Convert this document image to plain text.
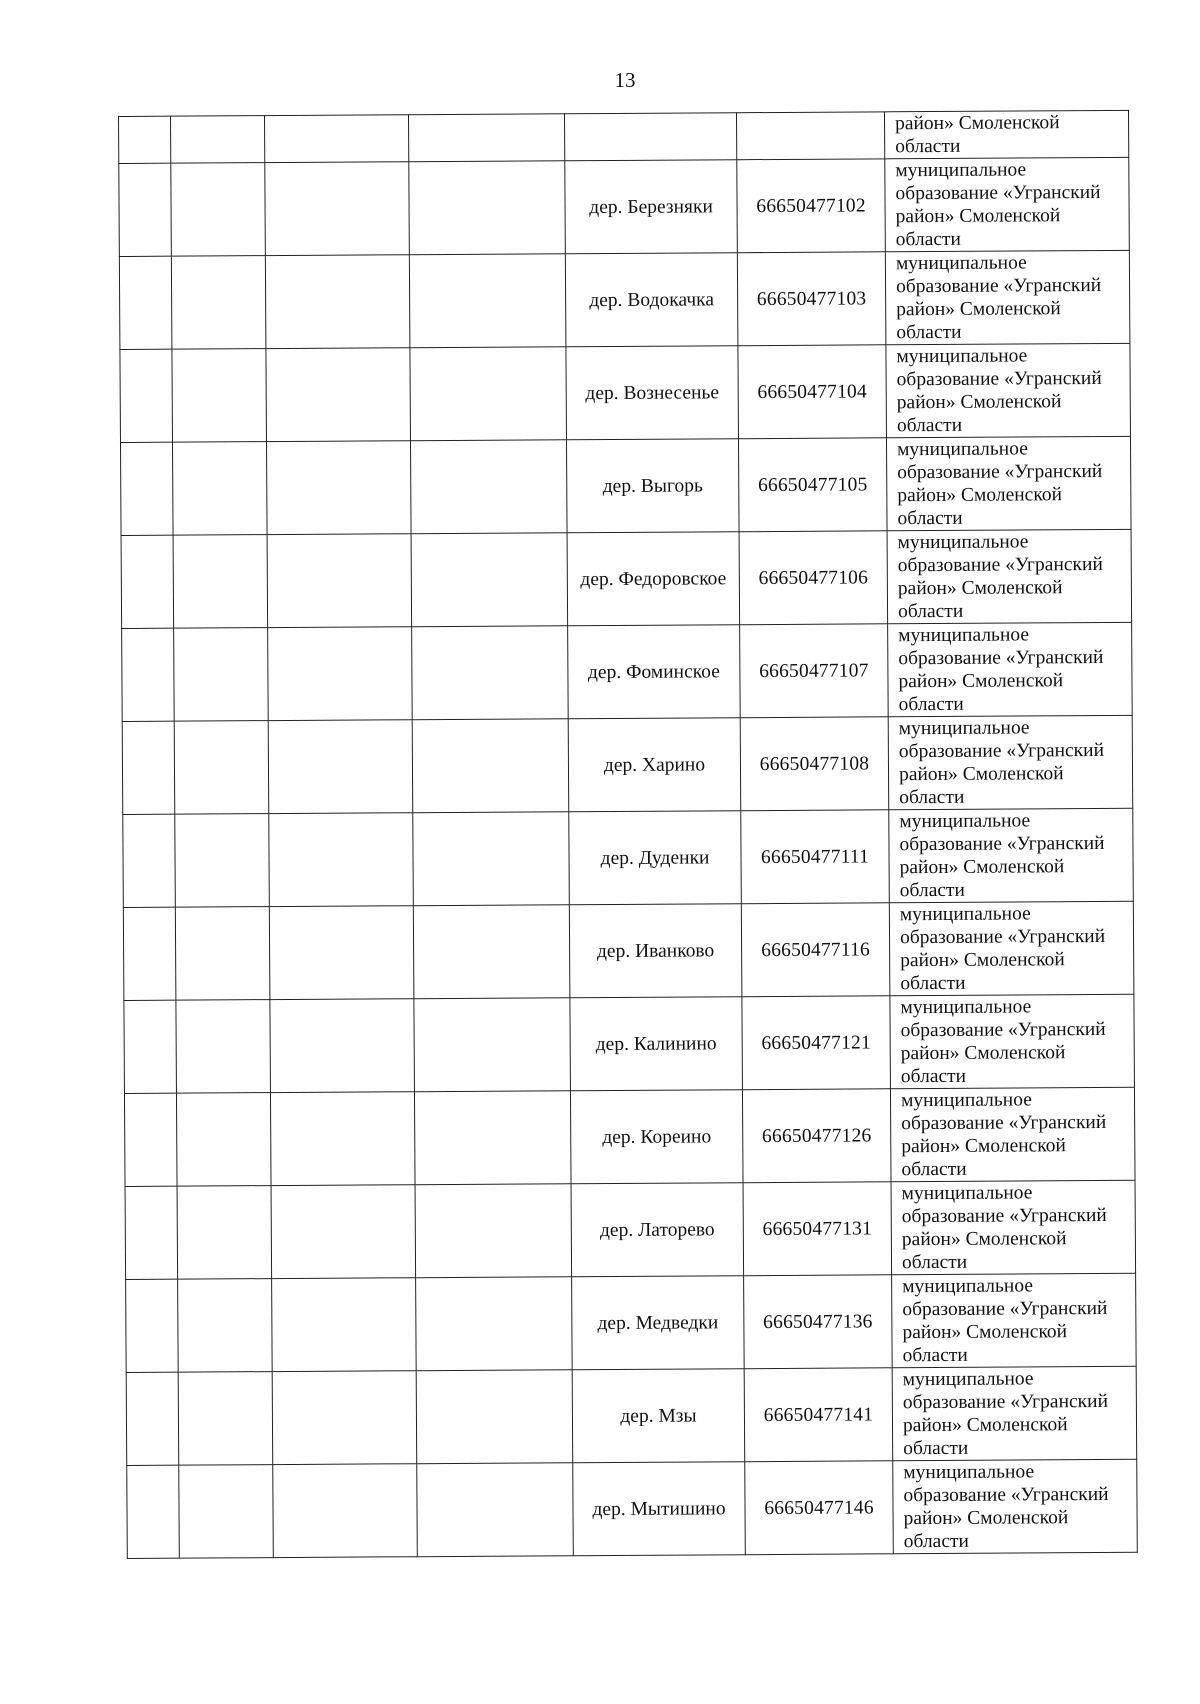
13
						район» Смоленской области
				дер. Березняки	66650477102	муниципальное образование «Угранский район» Смоленской области
				дер. Водокачка	66650477103	муниципальное образование «Угранский район» Смоленской области
				дер. Вознесенье	66650477104	муниципальное образование «Угранский район» Смоленской области
				дер. Выгорь	66650477105	муниципальное образование «Угранский район» Смоленской области
				дер. Федоровское	66650477106	муниципальное образование «Угранский район» Смоленской области
				дер. Фоминское	66650477107	муниципальное образование «Угранский район» Смоленской области
				дер. Харино	66650477108	муниципальное образование «Угранский район» Смоленской области
				дер. Дуденки	66650477111	муниципальное образование «Угранский район» Смоленской области
				дер. Иванково	66650477116	муниципальное образование «Угранский район» Смоленской области
				дер. Калинино	66650477121	муниципальное образование «Угранский район» Смоленской области
				дер. Кореино	66650477126	муниципальное образование «Угранский район» Смоленской области
				дер. Латорево	66650477131	муниципальное образование «Угранский район» Смоленской области
				дер. Медведки	66650477136	муниципальное образование «Угранский район» Смоленской области
				дер. Мзы	66650477141	муниципальное образование «Угранский район» Смоленской области
				дер. Мытишино	66650477146	муниципальное образование «Угранский район» Смоленской области
